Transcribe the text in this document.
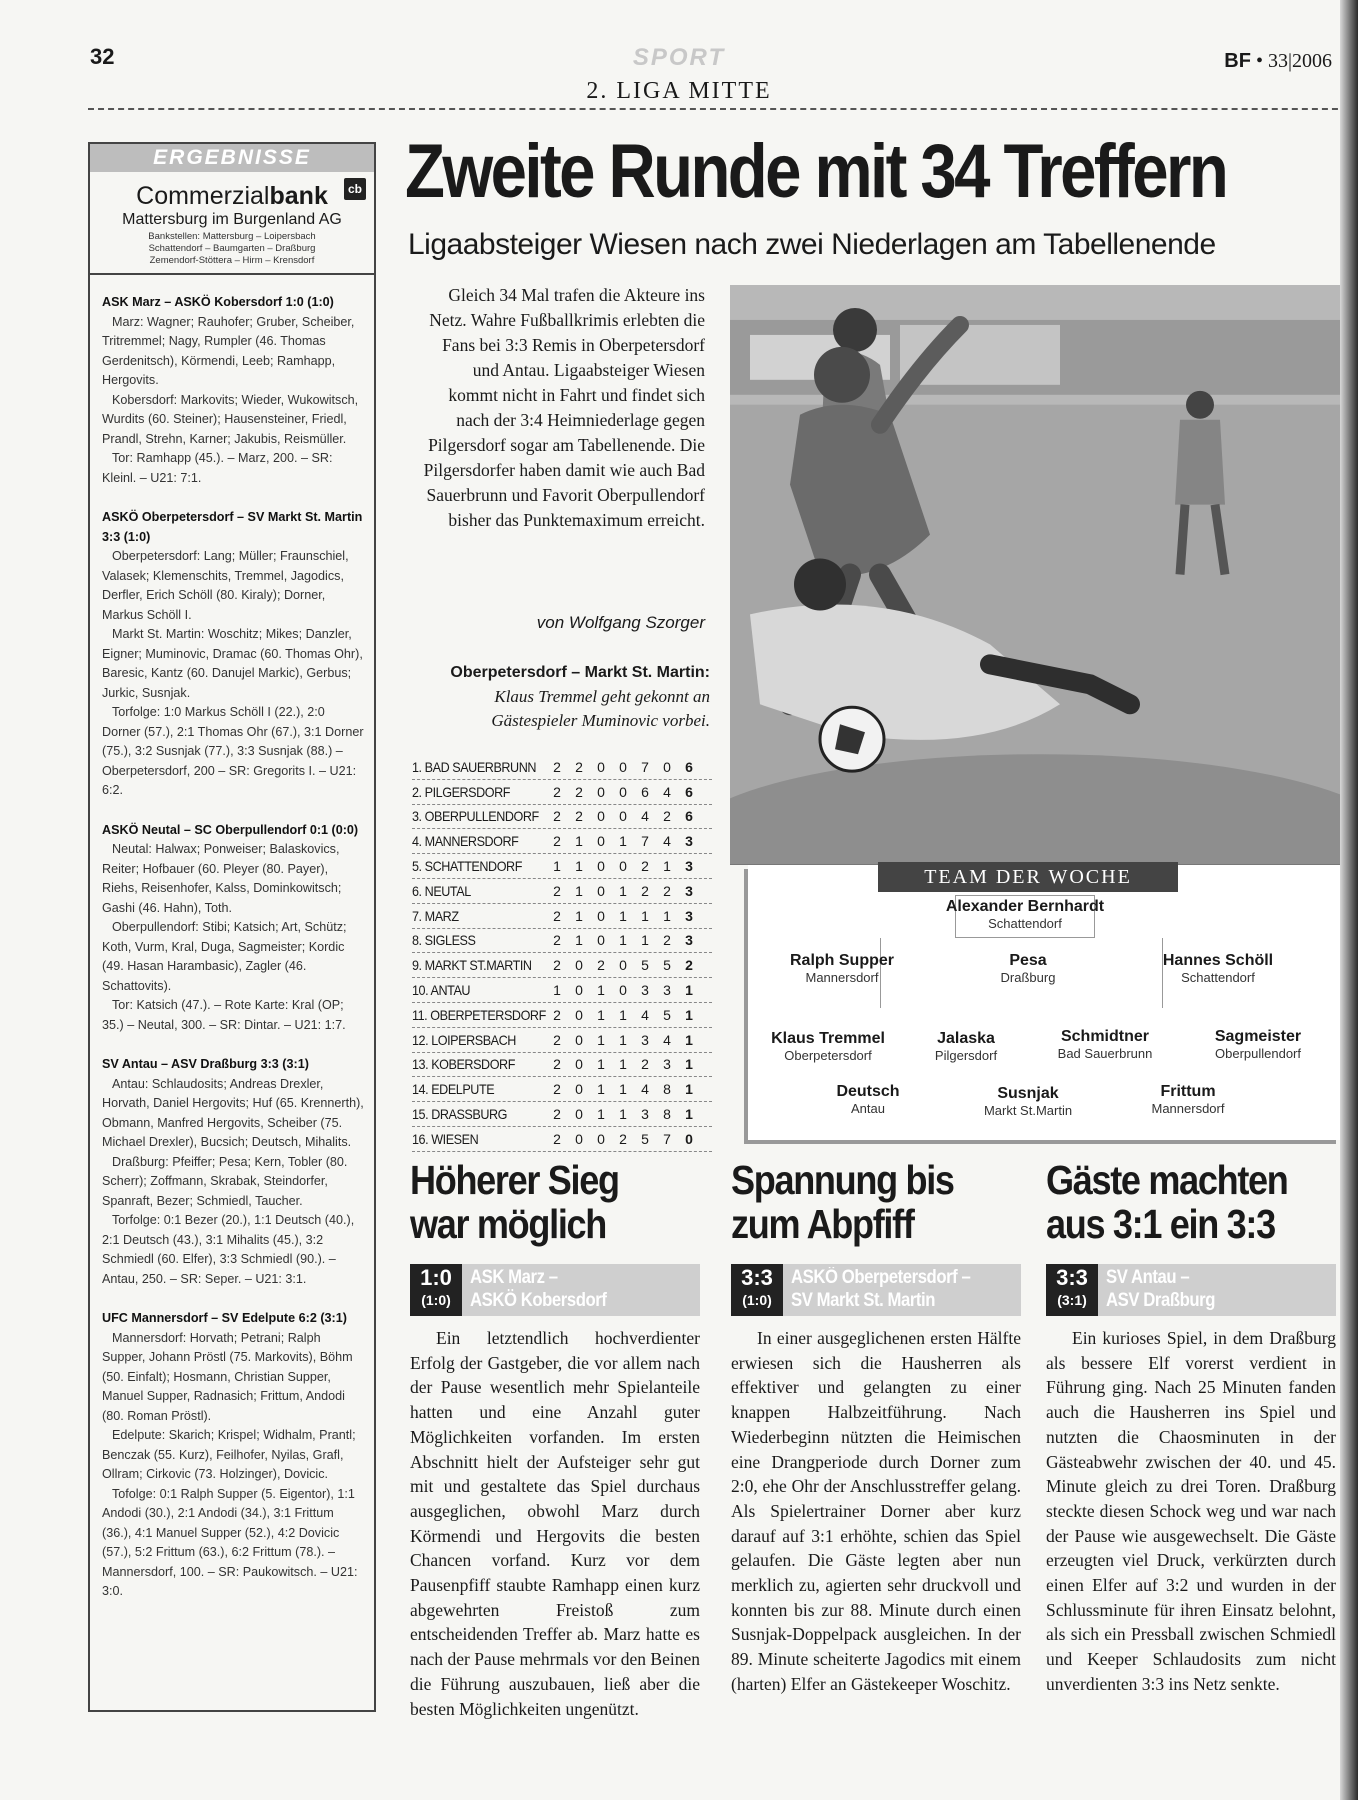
32	SPORT
2. LIGA MITTE
BF • 33|2006
ERGEBNISSE
cb
Commerzialbank
Mattersburg im Burgenland AG
Bankstellen: Mattersburg – Loipersbach
Schattendorf – Baumgarten – Draßburg
Zemendorf-Stöttera – Hirm – Krensdorf
ASK Marz – ASKÖ Kobersdorf 1:0 (1:0)

Marz: Wagner; Rauhofer; Gruber, Scheiber, Tritremmel; Nagy, Rumpler (46. Thomas Gerdenitsch), Körmendi, Leeb; Ramhapp, Hergovits.

Kobersdorf: Markovits; Wieder, Wukowitsch, Wurdits (60. Steiner); Hausensteiner, Friedl, Prandl, Strehn, Karner; Jakubis, Reismüller.

Tor: Ramhapp (45.). – Marz, 200. – SR: Kleinl. – U21: 7:1.

ASKÖ Oberpetersdorf – SV Markt St. Martin 3:3 (1:0)

Oberpetersdorf: Lang; Müller; Fraunschiel, Valasek; Klemenschits, Tremmel, Jagodics, Derfler, Erich Schöll (80. Kiraly); Dorner, Markus Schöll I.

Markt St. Martin: Woschitz; Mikes; Danzler, Eigner; Muminovic, Dramac (60. Thomas Ohr), Baresic, Kantz (60. Danujel Markic), Gerbus; Jurkic, Susnjak.

Torfolge: 1:0 Markus Schöll I (22.), 2:0 Dorner (57.), 2:1 Thomas Ohr (67.), 3:1 Dorner (75.), 3:2 Susnjak (77.), 3:3 Susnjak (88.) – Oberpetersdorf, 200 – SR: Gregorits I. – U21: 6:2.

ASKÖ Neutal – SC Oberpullendorf 0:1 (0:0)

Neutal: Halwax; Ponweiser; Balaskovics, Reiter; Hofbauer (60. Pleyer (80. Payer), Riehs, Reisenhofer, Kalss, Dominkowitsch; Gashi (46. Hahn), Toth.

Oberpullendorf: Stibi; Katsich; Art, Schütz; Koth, Vurm, Kral, Duga, Sagmeister; Kordic (49. Hasan Harambasic), Zagler (46. Schattovits).

Tor: Katsich (47.). – Rote Karte: Kral (OP; 35.) – Neutal, 300. – SR: Dintar. – U21: 1:7.

SV Antau – ASV Draßburg 3:3 (3:1)

Antau: Schlaudosits; Andreas Drexler, Horvath, Daniel Hergovits; Huf (65. Krennerth), Obmann, Manfred Hergovits, Scheiber (75. Michael Drexler), Bucsich; Deutsch, Mihalits.

Draßburg: Pfeiffer; Pesa; Kern, Tobler (80. Scherr); Zoffmann, Skrabak, Steindorfer, Spanraft, Bezer; Schmiedl, Taucher.

Torfolge: 0:1 Bezer (20.), 1:1 Deutsch (40.), 2:1 Deutsch (43.), 3:1 Mihalits (45.), 3:2 Schmiedl (60. Elfer), 3:3 Schmiedl (90.). – Antau, 250. – SR: Seper. – U21: 3:1.

UFC Mannersdorf – SV Edelpute 6:2 (3:1)

Mannersdorf: Horvath; Petrani; Ralph Supper, Johann Pröstl (75. Markovits), Böhm (50. Einfalt); Hosmann, Christian Supper, Manuel Supper, Radnasich; Frittum, Andodi (80. Roman Pröstl).

Edelpute: Skarich; Krispel; Widhalm, Prantl; Benczak (55. Kurz), Feilhofer, Nyilas, Grafl, Ollram; Cirkovic (73. Holzinger), Dovicic.

Tofolge: 0:1 Ralph Supper (5. Eigentor), 1:1 Andodi (30.), 2:1 Andodi (34.), 3:1 Frittum (36.), 4:1 Manuel Supper (52.), 4:2 Dovicic (57.), 5:2 Frittum (63.), 6:2 Frittum (78.). – Mannersdorf, 100. – SR: Paukowitsch. – U21: 3:0.

Zweite Runde mit 34 Treffern
Ligaabsteiger Wiesen nach zwei Niederlagen am Tabellenende
Gleich 34 Mal trafen die Akteure ins Netz. Wahre Fußballkrimis erlebten die Fans bei 3:3 Remis in Oberpetersdorf und Antau. Ligaabsteiger Wiesen kommt nicht in Fahrt und findet sich nach der 3:4 Heimniederlage gegen Pilgersdorf sogar am Tabellenende. Die Pilgersdorfer haben damit wie auch Bad Sauerbrunn und Favorit Oberpullendorf bisher das Punktemaximum erreicht.
von Wolfgang Szorger
Oberpetersdorf – Markt St. Martin:
Klaus Tremmel geht gekonnt an Gästespieler Muminovic vorbei.
1. BAD SAUERBRUNN	2	2	0	0	7	0	6
2. PILGERSDORF	2	2	0	0	6	4	6
3. OBERPULLENDORF	2	2	0	0	4	2	6
4. MANNERSDORF	2	1	0	1	7	4	3
5. SCHATTENDORF	1	1	0	0	2	1	3
6. NEUTAL	2	1	0	1	2	2	3
7. MARZ	2	1	0	1	1	1	3
8. SIGLESS	2	1	0	1	1	2	3
9. MARKT ST.MARTIN	2	0	2	0	5	5	2
10. ANTAU	1	0	1	0	3	3	1
11. OBERPETERSDORF 2	0	1	1	4	5	1
12. LOIPERSBACH	2	0	1	1	3	4	1
13. KOBERSDORF	2	0	1	1	2	3	1
14. EDELPUTE	2	0	1	1	4	8	1
15. DRASSBURG	2	0	1	1	3	8	1
16. WIESEN	2	0	0	2	5	7	0
TEAM DER WOCHE
Alexander Bernhardt
Schattendorf
Ralph Supper
Mannersdorf
Pesa
Draßburg
Hannes Schöll
Schattendorf
Klaus Tremmel
Oberpetersdorf
Jalaska
Pilgersdorf
Schmidtner
Bad Sauerbrunn
Sagmeister
Oberpullendorf
Deutsch
Antau
Susnjak
Markt St.Martin
Frittum
Mannersdorf
Höherer Sieg
war möglich
1:0
(1:0)
ASK Marz –
ASKÖ Kobersdorf

Ein letztendlich hochverdienter Erfolg der Gastgeber, die vor allem nach der Pause wesentlich mehr Spielanteile hatten und eine Anzahl guter Möglichkeiten vorfanden. Im ersten Abschnitt hielt der Aufsteiger sehr gut mit und gestaltete das Spiel durchaus ausgeglichen, obwohl Marz durch Körmendi und Hergovits die besten Chancen vorfand. Kurz vor dem Pausenpfiff staubte Ramhapp einen kurz abgewehrten Freistoß zum entscheidenden Treffer ab. Marz hatte es nach der Pause mehrmals vor den Beinen die Führung auszubauen, ließ aber die besten Möglichkeiten ungenützt.

Spannung bis
zum Abpfiff
3:3
(1:0)
ASKÖ Oberpetersdorf –
SV Markt St. Martin

In einer ausgeglichenen ersten Hälfte erwiesen sich die Hausherren als effektiver und gelangten zu einer knappen Halbzeitführung. Nach Wiederbeginn nützten die Heimischen eine Drangperiode durch Dorner zum 2:0, ehe Ohr der Anschlusstreffer gelang. Als Spielertrainer Dorner aber kurz darauf auf 3:1 erhöhte, schien das Spiel gelaufen. Die Gäste legten aber nun merklich zu, agierten sehr druckvoll und konnten bis zur 88. Minute durch einen Susnjak-Doppelpack ausgleichen. In der 89. Minute scheiterte Jagodics mit einem (harten) Elfer an Gästekeeper Woschitz.

Gäste machten
aus 3:1 ein 3:3
3:3
(3:1)
SV Antau –
ASV Draßburg

Ein kurioses Spiel, in dem Draßburg als bessere Elf vorerst verdient in Führung ging. Nach 25 Minuten fanden auch die Hausherren ins Spiel und nutzten die Chaosminuten in der Gästeabwehr zwischen der 40. und 45. Minute gleich zu drei Toren. Draßburg steckte diesen Schock weg und war nach der Pause wie ausgewechselt. Die Gäste erzeugten viel Druck, verkürzten durch einen Elfer auf 3:2 und wurden in der Schlussminute für ihren Einsatz belohnt, als sich ein Pressball zwischen Schmiedl und Keeper Schlaudosits zum nicht unverdienten 3:3 ins Netz senkte.
